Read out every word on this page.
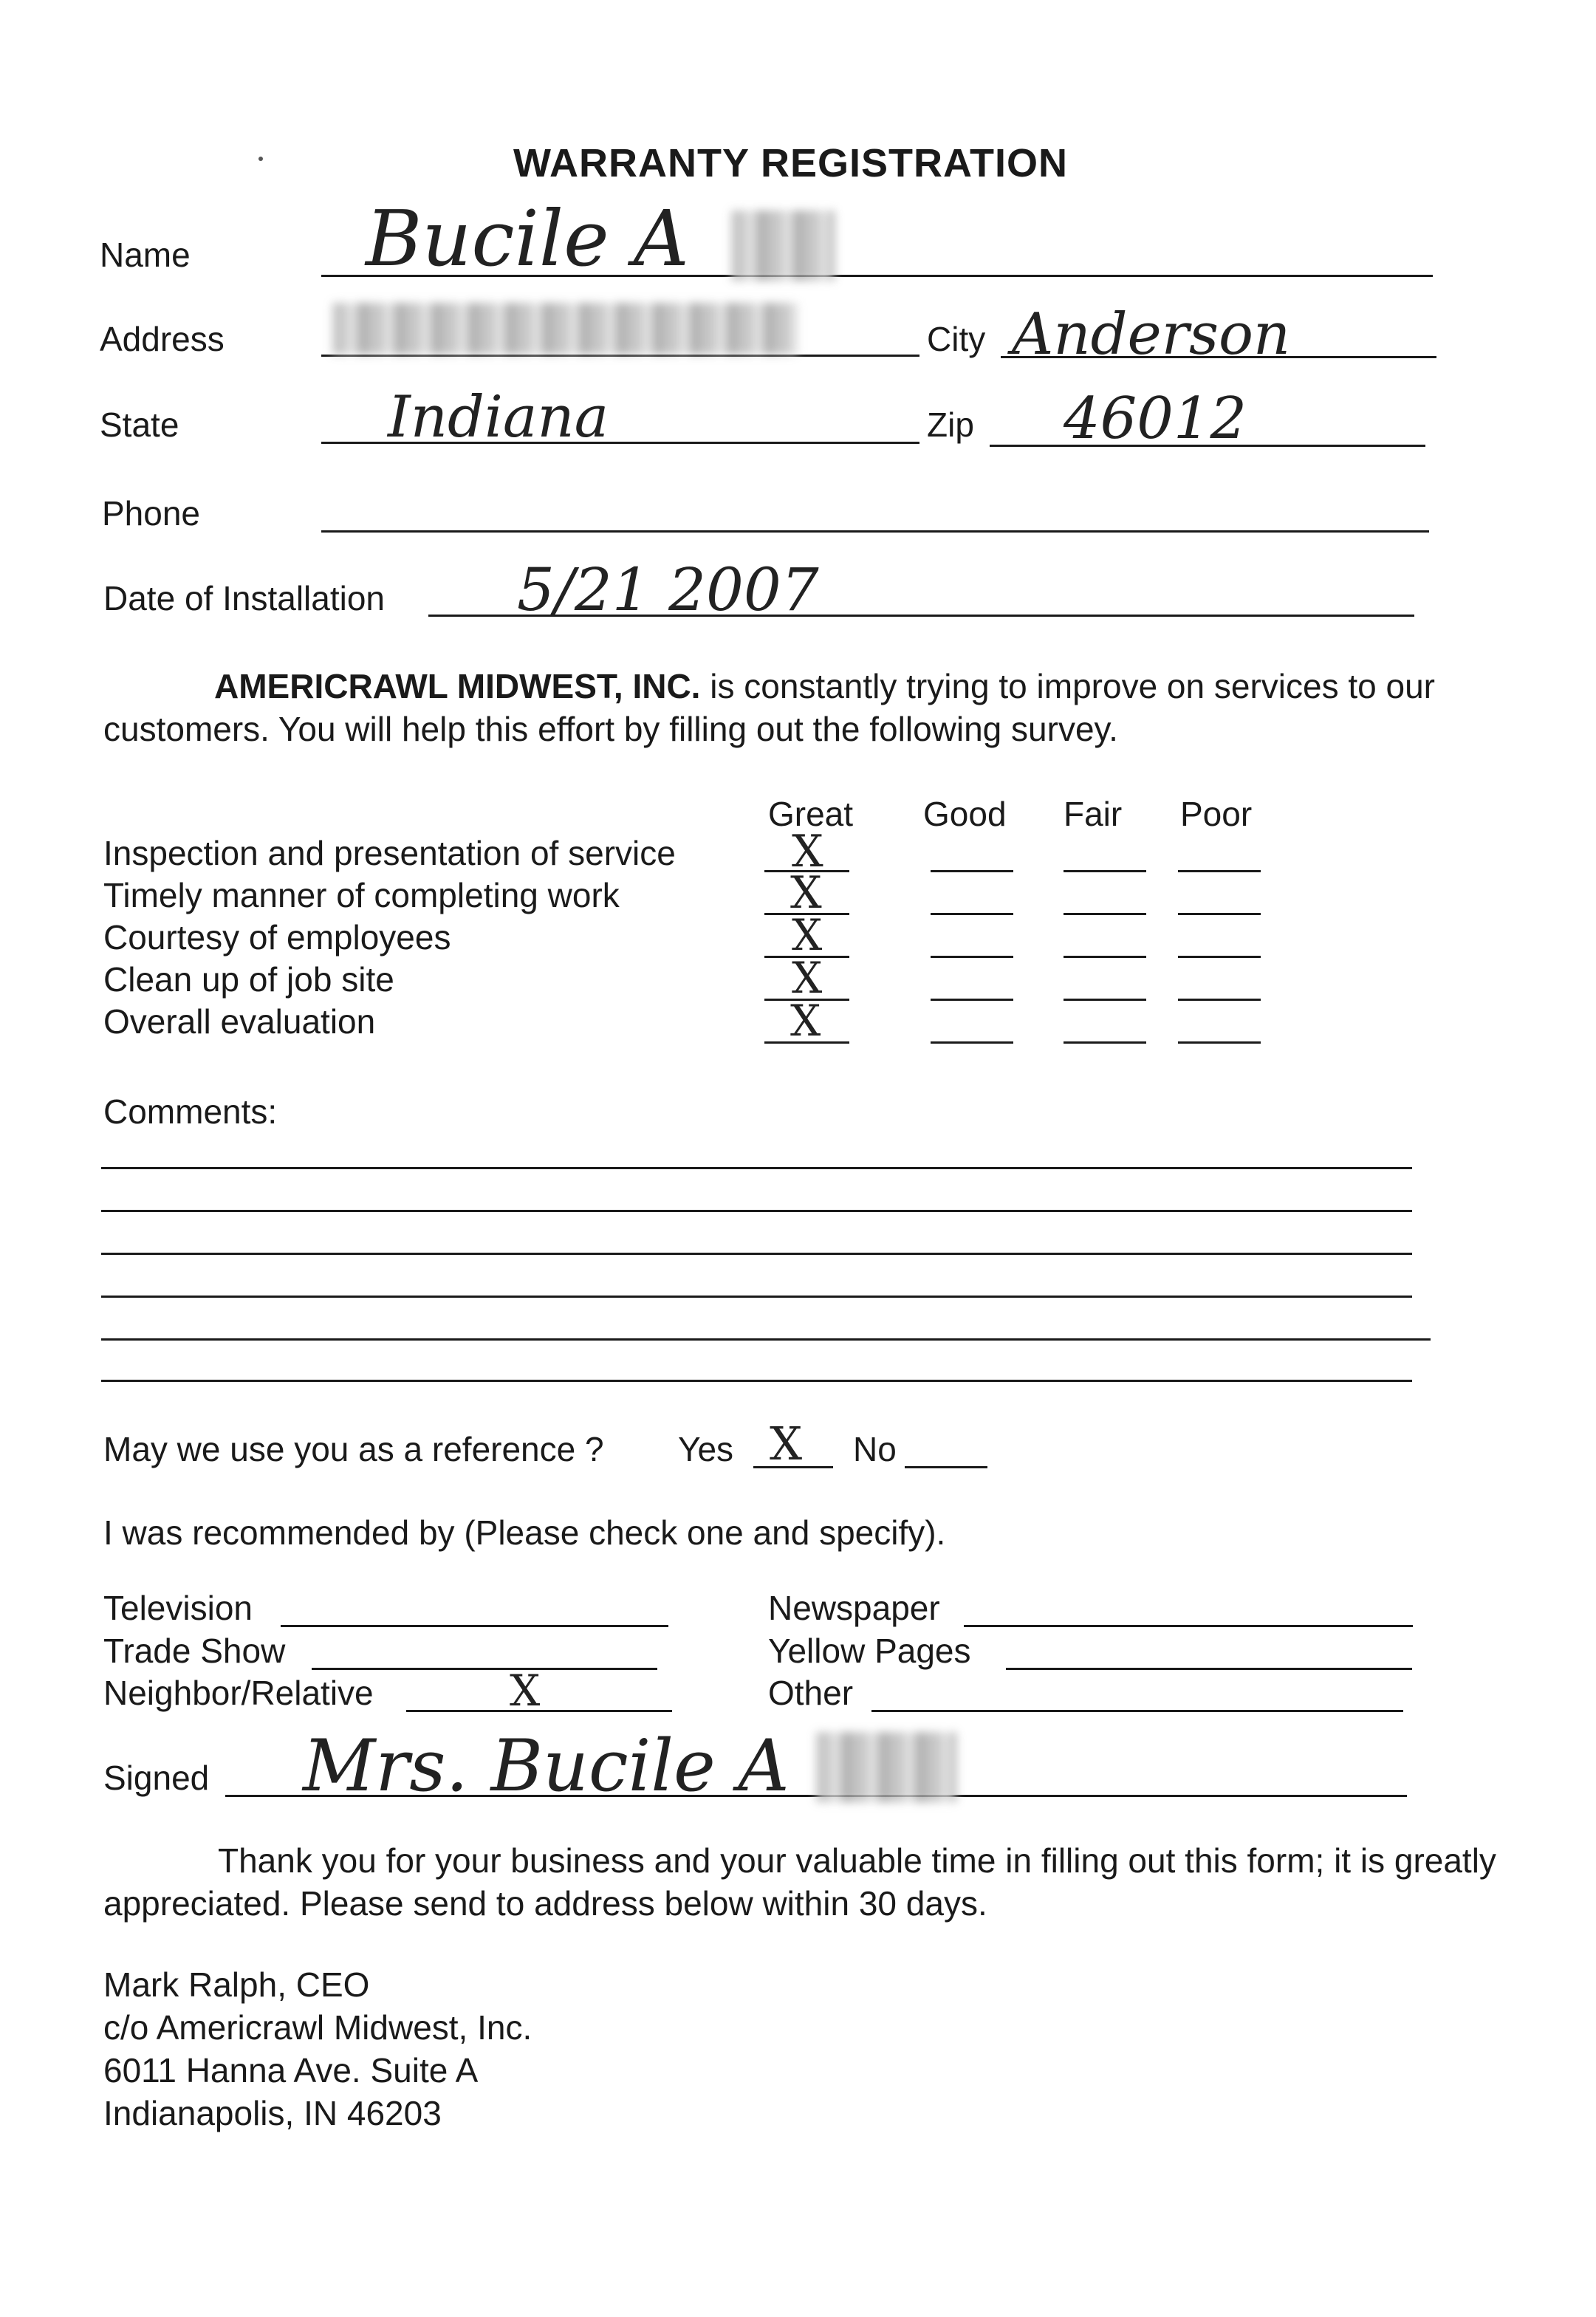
WARRANTY REGISTRATION
Name Bucile A
Address	City Anderson
State	Indiana	Zip 46012
Phone
Date of Installation 5/21 2007
AMERICRAWL MIDWEST, INC. is constantly trying to improve on services to our customers. You will help this effort by filling out the following survey.
Great Good Fair Poor
Inspection and presentation of service	X
Timely manner of completing work	X
Courtesy of employees	X
Clean up of job site	X
Overall evaluation	X
Comments:
May we use you as a reference ? Yes X No
I was recommended by (Please check one and specify).
Television
Trade Show
Neighbor/Relative	X
Newspaper
Yellow Pages
Other
Signed Mrs. Bucile A
Thank you for your business and your valuable time in filling out this form; it is greatly appreciated. Please send to address below within 30 days.
Mark Ralph, CEO
c/o Americrawl Midwest, Inc.
6011 Hanna Ave. Suite A
Indianapolis, IN 46203
